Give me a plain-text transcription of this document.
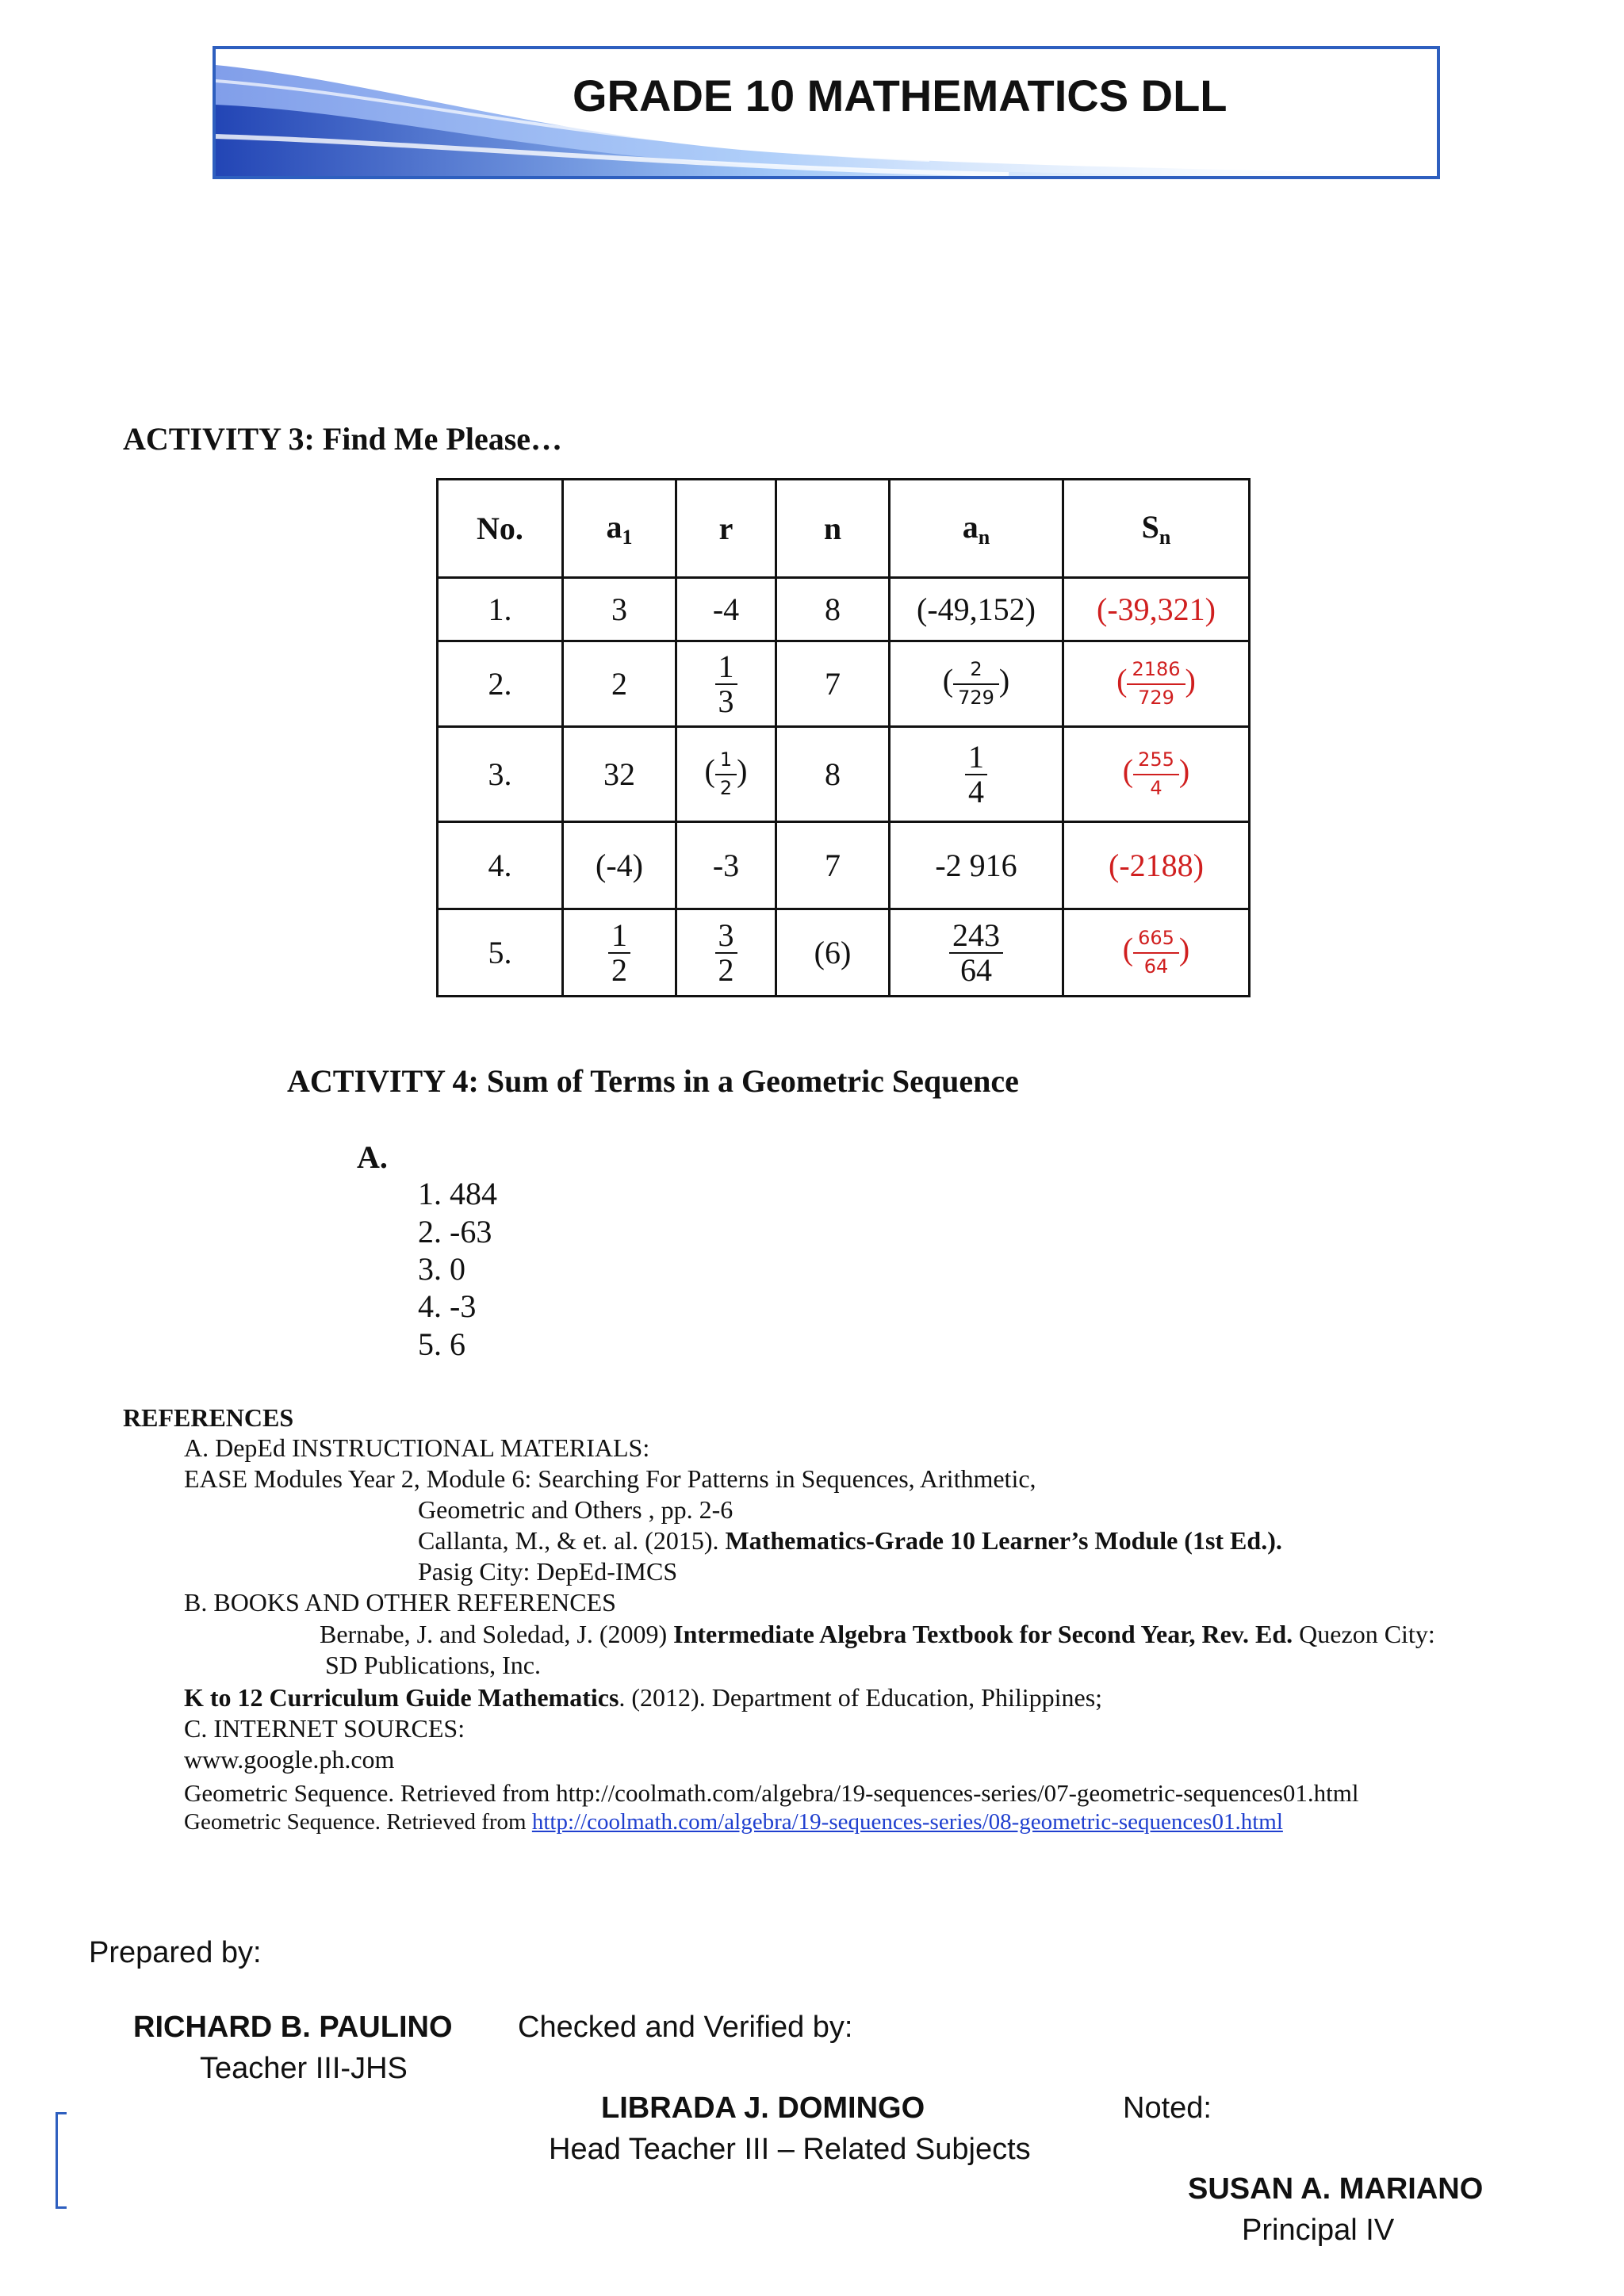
GRADE 10 MATHEMATICS DLL
ACTIVITY 3: Find Me Please…
No.	$a_1$	r	n	$a_n$	$S_n$
1.	3	-4	8	(-49,152)	(-39,321)
2.	2	$\frac{1}{3}$	7	( $\frac{2}{729}$ )	( $\frac{2186}{729}$ )
3.	32	( $\frac{1}{2}$ )	8	$\frac{1}{4}$	( $\frac{255}{4}$ )
4.	(-4)	-3	7	-2 916	(-2188)
5.	$\frac{1}{2}$	$\frac{3}{2}$	(6)	$\frac{243}{64}$	( $\frac{665}{64}$ )
ACTIVITY 4: Sum of Terms in a Geometric Sequence
A.
1. 484
2. -63
3. 0
4. -3
5. 6
REFERENCES
A. DepEd INSTRUCTIONAL MATERIALS:
EASE Modules Year 2, Module 6: Searching For Patterns in Sequences, Arithmetic,
Geometric and Others , pp. 2-6
Callanta, M., & et. al. (2015). Mathematics-Grade 10 Learner’s Module (1st Ed.).
Pasig City: DepEd-IMCS
B. BOOKS AND OTHER REFERENCES
Bernabe, J. and Soledad, J. (2009) Intermediate Algebra Textbook for Second Year, Rev. Ed. Quezon City:
SD Publications, Inc.
K to 12 Curriculum Guide Mathematics. (2012). Department of Education, Philippines;
C. INTERNET SOURCES:
www.google.ph.com
Geometric Sequence. Retrieved from http://coolmath.com/algebra/19-sequences-series/07-geometric-sequences01.html
Geometric Sequence. Retrieved from http://coolmath.com/algebra/19-sequences-series/08-geometric-sequences01.html
Prepared by:
RICHARD B. PAULINO
Teacher III-JHS
Checked and Verified by:
LIBRADA J. DOMINGO
Head Teacher III – Related Subjects
Noted:
SUSAN A. MARIANO
Principal IV
